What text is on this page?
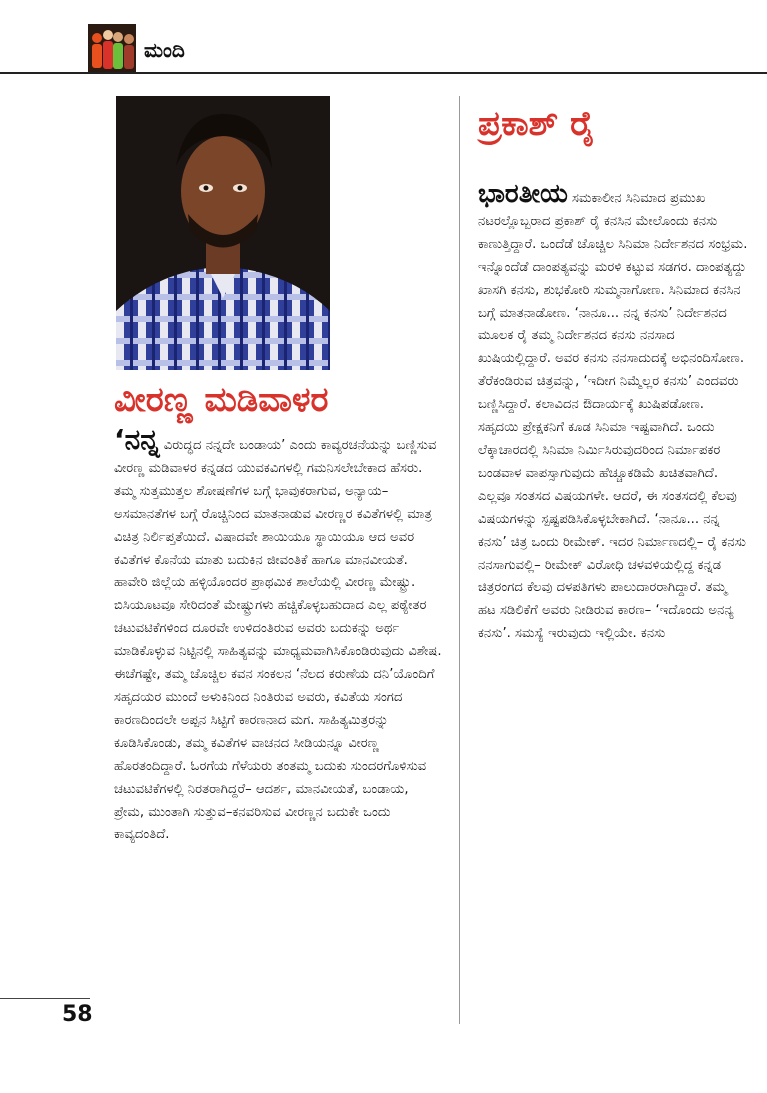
ಮಂದಿ
ವೀರಣ್ಣ ಮಡಿವಾಳರ

‘ನನ್ನ ವಿರುದ್ಧದ ನನ್ನದೇ ಬಂಡಾಯ’ ಎಂದು ಕಾವ್ಯರಚನೆಯನ್ನು ಬಣ್ಣಿಸುವ ವೀರಣ್ಣ ಮಡಿವಾಳರ ಕನ್ನಡದ ಯುವಕವಿಗಳಲ್ಲಿ ಗಮನಿಸಲೇಬೇಕಾದ ಹೆಸರು. ತಮ್ಮ ಸುತ್ತಮುತ್ತಲ ಶೋಷಣೆಗಳ ಬಗ್ಗೆ ಭಾವುಕರಾಗುವ, ಅನ್ಯಾಯ–ಅಸಮಾನತೆಗಳ ಬಗ್ಗೆ ರೊಚ್ಚಿನಿಂದ ಮಾತನಾಡುವ ವೀರಣ್ಣರ ಕವಿತೆಗಳಲ್ಲಿ ಮಾತ್ರ ವಿಚಿತ್ರ ನಿರ್ಲಿಪ್ತತೆಯಿದೆ. ವಿಷಾದವೇ ಶಾಯಿಯೂ ಸ್ಥಾಯಿಯೂ ಆದ ಅವರ ಕವಿತೆಗಳ ಕೊನೆಯ ಮಾತು ಬದುಕಿನ ಜೀವಂತಿಕೆ ಹಾಗೂ ಮಾನವೀಯತೆ. ಹಾವೇರಿ ಜಿಲ್ಲೆಯ ಹಳ್ಳಿಯೊಂದರ ಪ್ರಾಥಮಿಕ ಶಾಲೆಯಲ್ಲಿ ವೀರಣ್ಣ ಮೇಷ್ಟ್ರು. ಬಿಸಿಯೂಟವೂ ಸೇರಿದಂತೆ ಮೇಷ್ಟ್ರುಗಳು ಹಚ್ಚಿಕೊಳ್ಳಬಹುದಾದ ಎಲ್ಲ ಪಠ್ಯೇತರ ಚಟುವಟಿಕೆಗಳಿಂದ ದೂರವೇ ಉಳಿದಂತಿರುವ ಅವರು ಬದುಕನ್ನು ಅರ್ಥ ಮಾಡಿಕೊಳ್ಳುವ ನಿಟ್ಟಿನಲ್ಲಿ ಸಾಹಿತ್ಯವನ್ನು ಮಾಧ್ಯಮವಾಗಿಸಿಕೊಂಡಿರುವುದು ವಿಶೇಷ. ಈಚೆಗಷ್ಟೇ, ತಮ್ಮ ಚೊಚ್ಚಿಲ ಕವನ ಸಂಕಲನ ‘ನೆಲದ ಕರುಣೆಯ ದನಿ’ಯೊಂದಿಗೆ ಸಹೃದಯರ ಮುಂದೆ ಅಳುಕಿನಿಂದ ನಿಂತಿರುವ ಅವರು, ಕವಿತೆಯ ಸಂಗದ ಕಾರಣದಿಂದಲೇ ಅಪ್ಪನ ಸಿಟ್ಟಿಗೆ ಕಾರಣನಾದ ಮಗ. ಸಾಹಿತ್ಯಮಿತ್ರರನ್ನು ಕೂಡಿಸಿಕೊಂಡು, ತಮ್ಮ ಕವಿತೆಗಳ ವಾಚನದ ಸೀಡಿಯನ್ನೂ ವೀರಣ್ಣ ಹೊರತಂದಿದ್ದಾರೆ. ಓರಗೆಯ ಗೆಳೆಯರು ತಂತಮ್ಮ ಬದುಕು ಸುಂದರಗೊಳಿಸುವ ಚಟುವಟಿಕೆಗಳಲ್ಲಿ ನಿರತರಾಗಿದ್ದರೆ– ಆದರ್ಶ, ಮಾನವೀಯತೆ, ಬಂಡಾಯ, ಪ್ರೇಮ, ಮುಂತಾಗಿ ಸುತ್ತುವ–ಕನವರಿಸುವ ವೀರಣ್ಣನ ಬದುಕೇ ಒಂದು ಕಾವ್ಯದಂತಿದೆ.

ಪ್ರಕಾಶ್ ರೈ

ಭಾರತೀಯ ಸಮಕಾಲೀನ ಸಿನಿಮಾದ ಪ್ರಮುಖ ನಟರಲ್ಲೊಬ್ಬರಾದ ಪ್ರಕಾಶ್ ರೈ ಕನಸಿನ ಮೇಲೊಂದು ಕನಸು ಕಾಣುತ್ತಿದ್ದಾರೆ. ಒಂದೆಡೆ ಚೊಚ್ಚಿಲ ಸಿನಿಮಾ ನಿರ್ದೇಶನದ ಸಂಭ್ರಮ. ಇನ್ನೊಂದೆಡೆ ದಾಂಪತ್ಯವನ್ನು ಮರಳಿ ಕಟ್ಟುವ ಸಡಗರ. ದಾಂಪತ್ಯದ್ದು ಖಾಸಗಿ ಕನಸು, ಶುಭಕೋರಿ ಸುಮ್ಮನಾಗೋಣ. ಸಿನಿಮಾದ ಕನಸಿನ ಬಗ್ಗೆ ಮಾತನಾಡೋಣ. ‘ನಾನೂ... ನನ್ನ ಕನಸು’ ನಿರ್ದೇಶನದ ಮೂಲಕ ರೈ ತಮ್ಮ ನಿರ್ದೇಶನದ ಕನಸು ನನಸಾದ ಖುಷಿಯಲ್ಲಿದ್ದಾರೆ. ಅವರ ಕನಸು ನನಸಾದುದಕ್ಕೆ ಅಭಿನಂದಿಸೋಣ. ತೆರೆಕಂಡಿರುವ ಚಿತ್ರವನ್ನು, ‘ಇದೀಗ ನಿಮ್ಮೆಲ್ಲರ ಕನಸು’ ಎಂದವರು ಬಣ್ಣಿಸಿದ್ದಾರೆ. ಕಲಾವಿದನ ಔದಾರ್ಯಕ್ಕೆ ಖುಷಿಪಡೋಣ. ಸಹೃದಯಿ ಪ್ರೇಕ್ಷಕನಿಗೆ ಕೂಡ ಸಿನಿಮಾ ಇಷ್ಟವಾಗಿದೆ. ಒಂದು ಲೆಕ್ಕಾಚಾರದಲ್ಲಿ ಸಿನಿಮಾ ನಿರ್ಮಿಸಿರುವುದರಿಂದ ನಿರ್ಮಾಪಕರ ಬಂಡವಾಳ ವಾಪಸ್ಸಾಗುವುದು ಹೆಚ್ಚೂಕಡಿಮೆ ಖಚಿತವಾಗಿದೆ. ಎಲ್ಲವೂ ಸಂತಸದ ವಿಷಯಗಳೇ. ಆದರೆ, ಈ ಸಂತಸದಲ್ಲಿ ಕೆಲವು ವಿಷಯಗಳನ್ನು ಸ್ಪಷ್ಟಪಡಿಸಿಕೊಳ್ಳಬೇಕಾಗಿದೆ. ‘ನಾನೂ... ನನ್ನ ಕನಸು’ ಚಿತ್ರ ಒಂದು ರೀಮೇಕ್. ಇದರ ನಿರ್ಮಾಣದಲ್ಲಿ– ರೈ ಕನಸು ನನಸಾಗುವಲ್ಲಿ– ರೀಮೇಕ್ ವಿರೋಧಿ ಚಳವಳಿಯಲ್ಲಿದ್ದ ಕನ್ನಡ ಚಿತ್ರರಂಗದ ಕೆಲವು ದಳಪತಿಗಳು ಪಾಲುದಾರರಾಗಿದ್ದಾರೆ. ತಮ್ಮ ಹಟ ಸಡಿಲಿಕೆಗೆ ಅವರು ನೀಡಿರುವ ಕಾರಣ– ‘ಇದೊಂದು ಅನನ್ಯ ಕನಸು’. ಸಮಸ್ಯೆ ಇರುವುದು ಇಲ್ಲಿಯೇ. ಕನಸು

58
